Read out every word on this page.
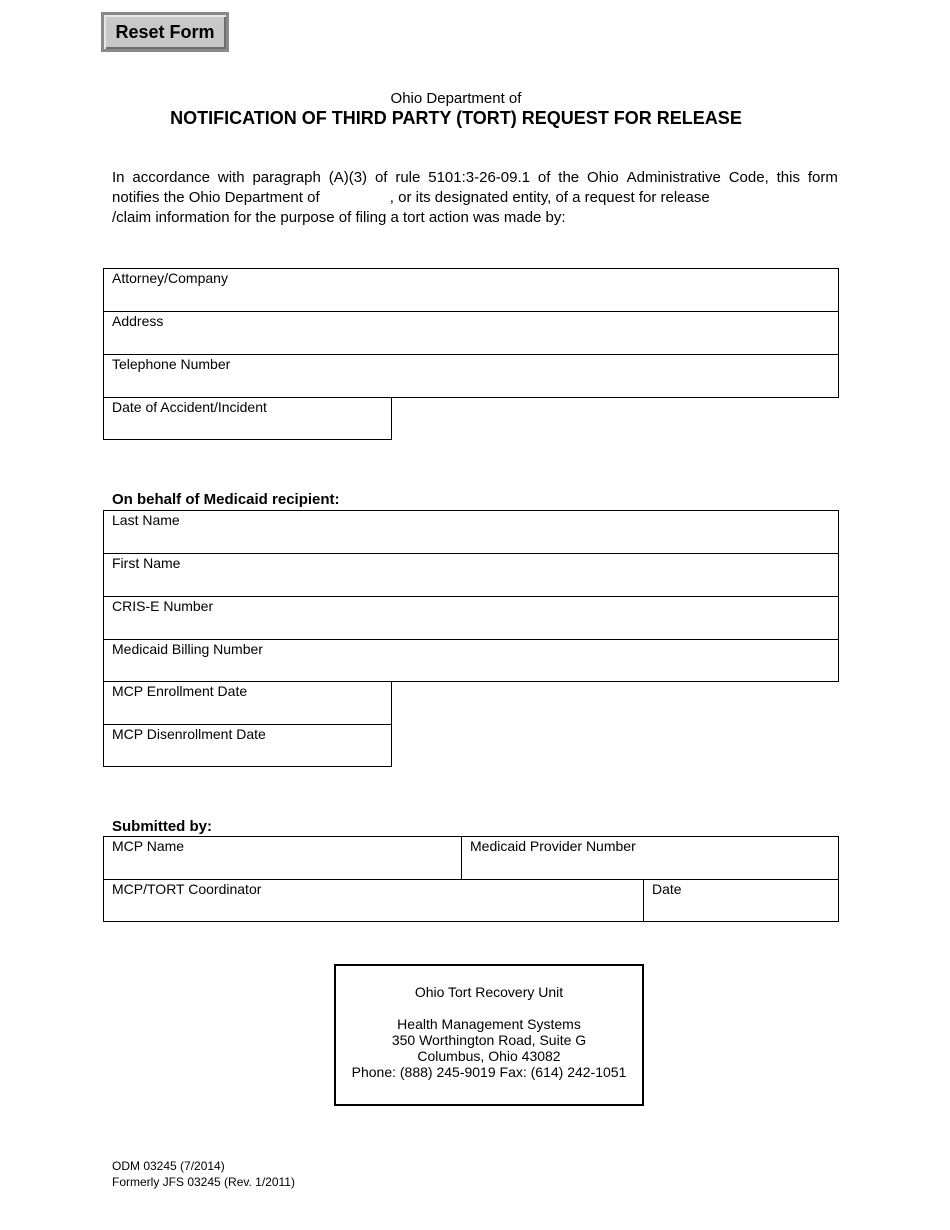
Reset Form
Ohio Department of
NOTIFICATION OF THIRD PARTY (TORT) REQUEST FOR RELEASE
In accordance with paragraph (A)(3) of rule 5101:3-26-09.1 of the Ohio Administrative Code, this form
notifies the Ohio Department of	, or its designated entity, of a request for release
/claim information for the purpose of filing a tort action was made by:
Attorney/Company
Address
Telephone Number
Date of Accident/Incident
On behalf of Medicaid recipient:
Last Name
First Name
CRIS-E Number
Medicaid Billing Number
MCP Enrollment Date
MCP Disenrollment Date
Submitted by:
MCP Name	Medicaid Provider Number
MCP/TORT Coordinator	Date
Ohio Tort Recovery Unit
Health Management Systems
350 Worthington Road, Suite G
Columbus, Ohio 43082
Phone: (888) 245-9019 Fax: (614) 242-1051
ODM 03245 (7/2014)
Formerly JFS 03245 (Rev. 1/2011)
